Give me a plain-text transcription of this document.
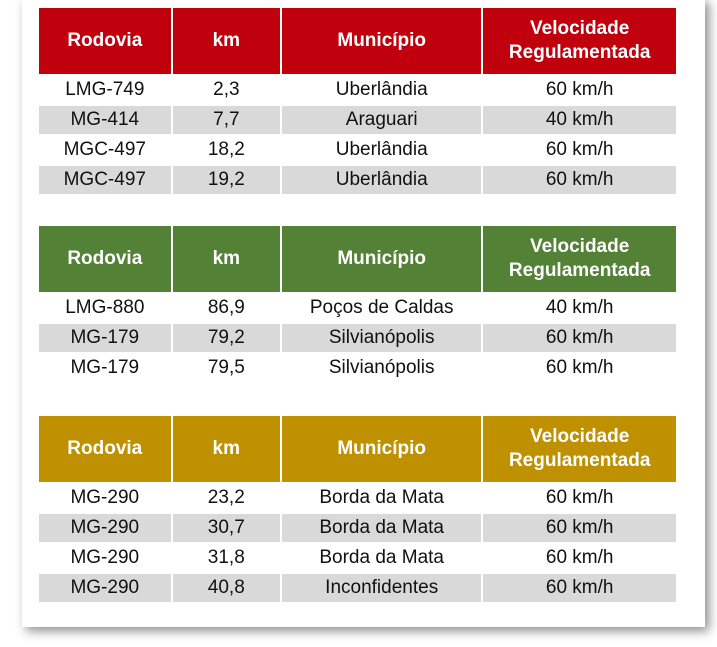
Rodovia	km	Município	Velocidade
Regulamentada
LMG-749	2,3	Uberlândia	60 km/h
MG-414	7,7	Araguari	40 km/h
MGC-497	18,2	Uberlândia	60 km/h
MGC-497	19,2	Uberlândia	60 km/h
Rodovia	km	Município	Velocidade
Regulamentada
LMG-880	86,9	Poços de Caldas	40 km/h
MG-179	79,2	Silvianópolis	60 km/h
MG-179	79,5	Silvianópolis	60 km/h
Rodovia	km	Município	Velocidade
Regulamentada
MG-290	23,2	Borda da Mata	60 km/h
MG-290	30,7	Borda da Mata	60 km/h
MG-290	31,8	Borda da Mata	60 km/h
MG-290	40,8	Inconfidentes	60 km/h
